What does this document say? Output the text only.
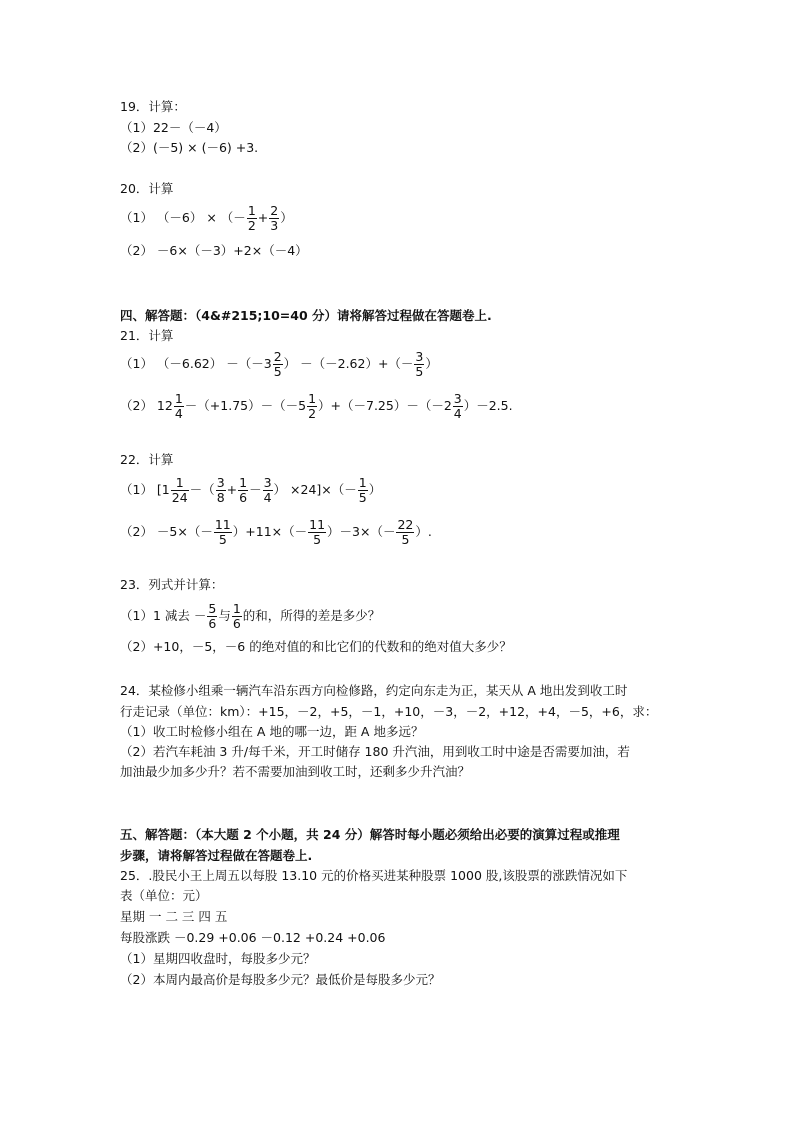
19．计算：
（1）22－（－4）
（2）(－5) × (－6) +3.
20．计算
（1） （－6） × （－ $\frac{1}{2} + \frac{2}{3}$ ）
（2） －6×（－3）+2×（－4）
四、解答题：（4&#215;10=40 分）请将解答过程做在答题卷上.
21．计算
（1） $(-6.62) -(-3 \frac{2}{5}$ ） $-(-2.62)+(- \frac{3}{5}$ ）
（2） $12 \frac{1}{4} -(+1.75)-(-5 \frac{1}{2} )+(-7.25)-(-2 \frac{3}{4} )-2.5$.
22．计算
（1） [$1 \frac{1}{24}$ －（ $\frac{3}{8} + \frac{1}{6} - \frac{3}{4}$ ） $\times 24]\times(- \frac{1}{5}$ ）
$(2) -5\times(- \frac{11}{5} )+11\times(- \frac{11}{5} )-3\times(- \frac{22}{5}$ ）.
23．列式并计算：
（1）1 减去 － $\frac{5}{6}$ 与 $\frac{1}{6}$ 的和，所得的差是多少？
（2）+10，－5，－6 的绝对值的和比它们的代数和的绝对值大多少？
24．某检修小组乘一辆汽车沿东西方向检修路，约定向东走为正，某天从 A 地出发到收工时
行走记录（单位：km）：+15，－2，+5，－1，+10，－3，－2，+12，+4，－5，+6，求：
（1）收工时检修小组在 A 地的哪一边，距 A 地多远？
（2）若汽车耗油 3 升/每千米，开工时储存 180 升汽油，用到收工时中途是否需要加油，若
加油最少加多少升？若不需要加油到收工时，还剩多少升汽油？
五、解答题：（本大题 2 个小题，共 24 分）解答时每小题必须给出必要的演算过程或推理
步骤，请将解答过程做在答题卷上.
25．.股民小王上周五以每股 13.10 元的价格买进某种股票 1000 股,该股票的涨跌情况如下
表（单位：元）
星期 一 二 三 四 五
每股涨跌 －0.29 +0.06 －0.12 +0.24 +0.06
（1）星期四收盘时，每股多少元？
（2）本周内最高价是每股多少元？最低价是每股多少元？
